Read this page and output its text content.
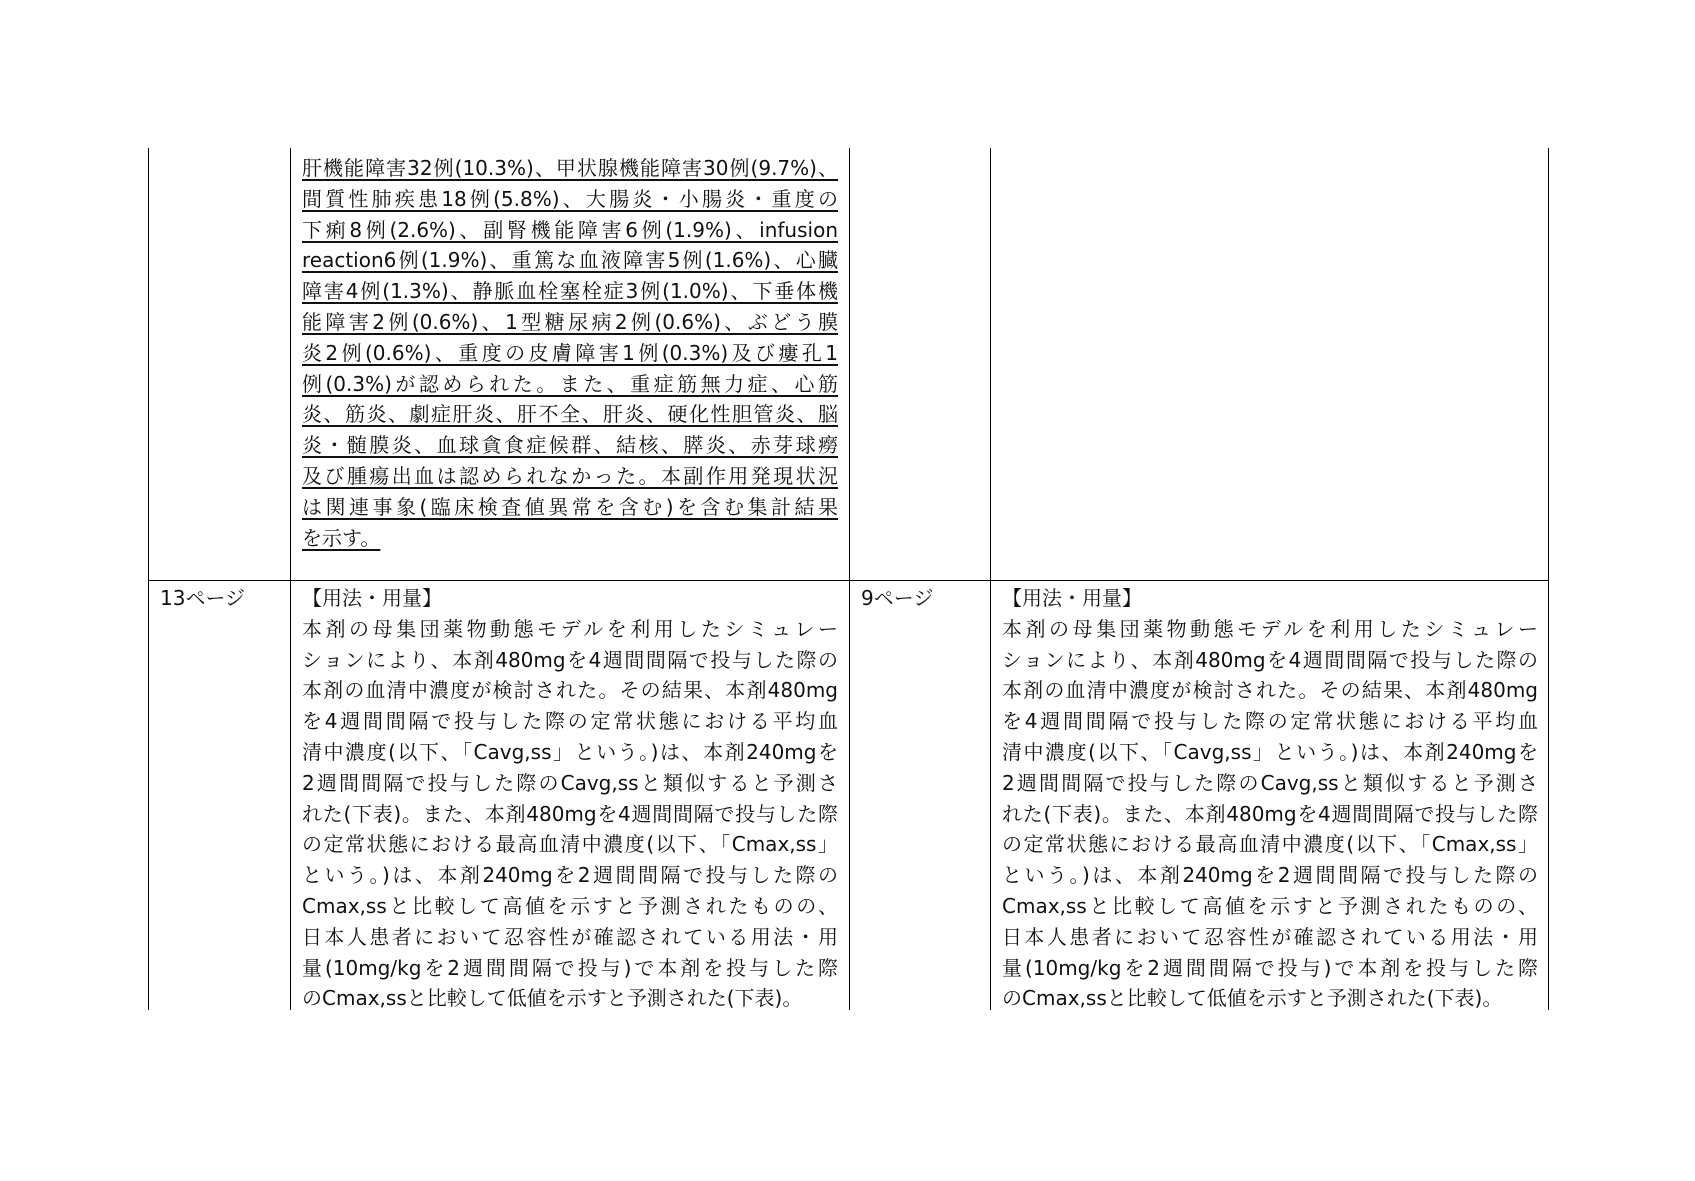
肝機能障害32例(10.3%)、甲状腺機能障害30例(9.7%)、
間質性肺疾患18例(5.8%)、大腸炎・小腸炎・重度の
下痢8例(2.6%)、副腎機能障害6例(1.9%)、infusion
reaction6例(1.9%)、重篤な血液障害5例(1.6%)、心臓
障害4例(1.3%)、静脈血栓塞栓症3例(1.0%)、下垂体機
能障害2例(0.6%)、1型糖尿病2例(0.6%)、ぶどう膜
炎2例(0.6%)、重度の皮膚障害1例(0.3%)及び瘻孔1
例(0.3%)が認められた。また、重症筋無力症、心筋
炎、筋炎、劇症肝炎、肝不全、肝炎、硬化性胆管炎、脳
炎・髄膜炎、血球貪食症候群、結核、膵炎、赤芽球癆
及び腫瘍出血は認められなかった。本副作用発現状況
は関連事象(臨床検査値異常を含む)を含む集計結果
を示す。
13ページ	【用法・用量】
本剤の母集団薬物動態モデルを利用したシミュレー
ションにより、本剤480mgを4週間間隔で投与した際の
本剤の血清中濃度が検討された。その結果、本剤480mg
を4週間間隔で投与した際の定常状態における平均血
清中濃度(以下、「Cavg,ss」という。)は、本剤240mgを
2週間間隔で投与した際のCavg,ssと類似すると予測さ
れた(下表)。また、本剤480mgを4週間間隔で投与した際
の定常状態における最高血清中濃度(以下、「Cmax,ss」
という。)は、本剤240mgを2週間間隔で投与した際の
Cmax,ssと比較して高値を示すと予測されたものの、
日本人患者において忍容性が確認されている用法・用
量(10mg/kgを2週間間隔で投与)で本剤を投与した際
のCmax,ssと比較して低値を示すと予測された(下表)。
9ページ	【用法・用量】
本剤の母集団薬物動態モデルを利用したシミュレー
ションにより、本剤480mgを4週間間隔で投与した際の
本剤の血清中濃度が検討された。その結果、本剤480mg
を4週間間隔で投与した際の定常状態における平均血
清中濃度(以下、「Cavg,ss」という。)は、本剤240mgを
2週間間隔で投与した際のCavg,ssと類似すると予測さ
れた(下表)。また、本剤480mgを4週間間隔で投与した際
の定常状態における最高血清中濃度(以下、「Cmax,ss」
という。)は、本剤240mgを2週間間隔で投与した際の
Cmax,ssと比較して高値を示すと予測されたものの、
日本人患者において忍容性が確認されている用法・用
量(10mg/kgを2週間間隔で投与)で本剤を投与した際
のCmax,ssと比較して低値を示すと予測された(下表)。
